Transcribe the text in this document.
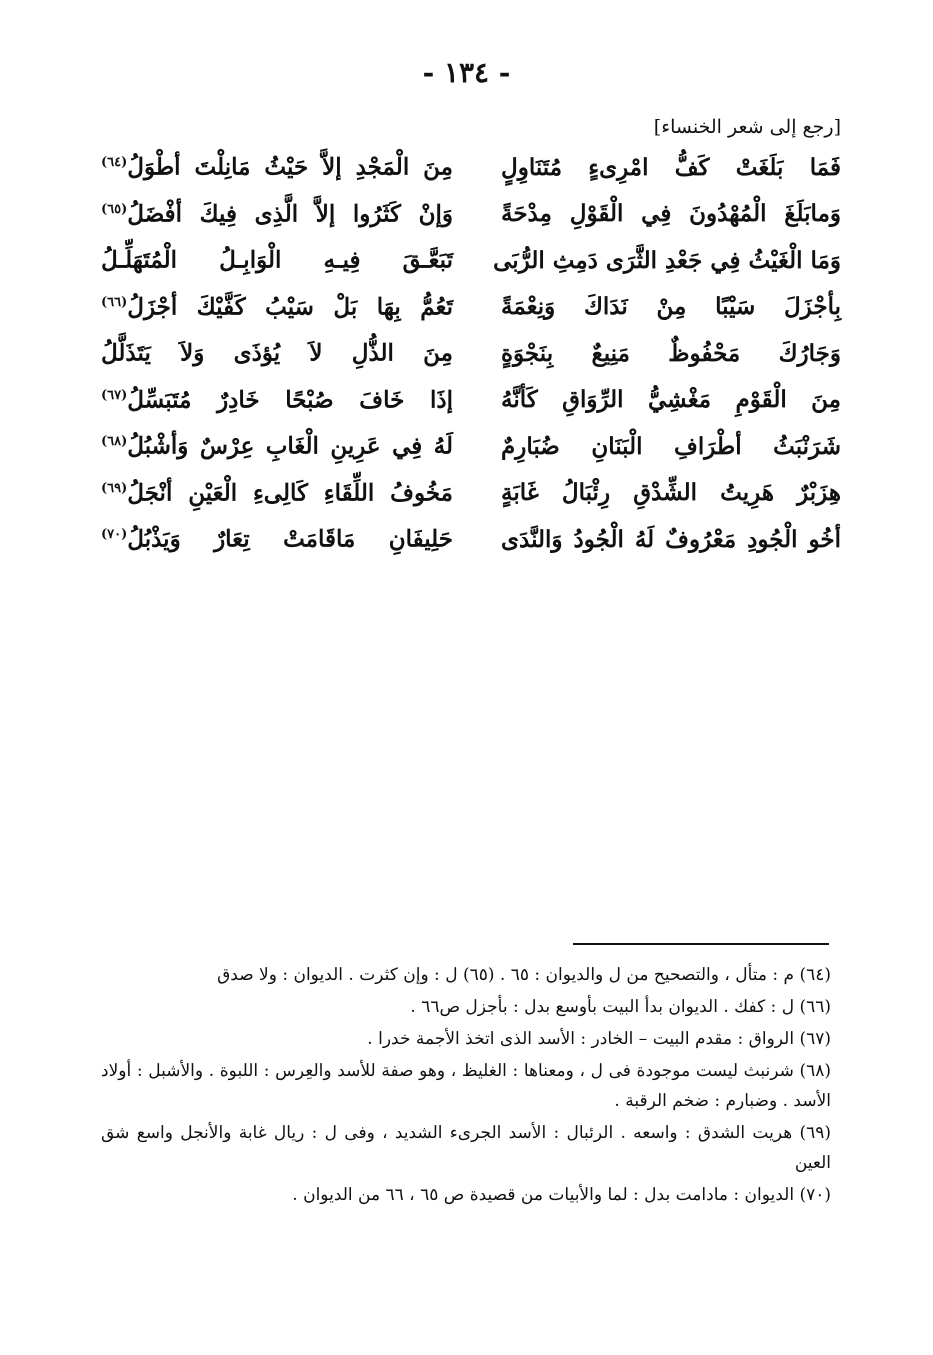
- ١٣٤ -
[رجع إلى شعر الخنساء]
فَمَا بَلَغَتْ كَفُّ امْرِىءٍ مُتَنَاوِلٍ
مِنَ الْمَجْدِ إلاَّ حَيْثُ مَانِلْتَ أطْوَلُ$^{(٦٤)}$
وَمابَلَغَ الْمُهْدُونَ فِي الْقَوْلِ مِدْحَةً
وَإنْ كَثَرُوا إلاَّ الَّذِى فِيكَ أفْضَلُ$^{(٦٥)}$
وَمَا الْغَيْثُ فِي جَعْدِ الثَّرَى دَمِثِ الرُّبَى
تَبَعَّـقَ فِيـهِ الْوَابِـلُ الْمُتَهَلِّـلُ
بِأجْزَلَ سَيْبًا مِنْ نَدَاكَ وَنِعْمَةً
تَعُمُّ بِهَا بَلْ سَيْبُ كَفَّيْكَ أجْزَلُ$^{(٦٦)}$
وَجَارُكَ مَحْفُوظٌ مَنِيعٌ بِنَجْوَةٍ
مِنَ الذُّلِ لاَ يُؤذَى وَلاَ يَتَذَلَّلُ
مِنَ الْقَوْمِ مَغْشِيُّ الرِّوَاقِ كَأنَّهُ
إذَا خَافَ صُبْحًا خَادِرٌ مُتَبَسِّلُ$^{(٦٧)}$
شَرَنْبَثُ أطْرَافِ الْبَنَانِ ضُبَارِمٌ
لَهُ فِي عَرِينِ الْغَابِ عِرْسٌ وَأشْبُلُ$^{(٦٨)}$
هِزَبْرٌ هَرِيتُ الشِّدْقِ رِئْبَالُ غَابَةٍ
مَخُوفُ اللِّقَاءِ كَالِىءِ الْعَيْنِ أنْجَلُ$^{(٦٩)}$
أخُو الْجُودِ مَعْرُوفٌ لَهُ الْجُودُ وَالنَّدَى
حَلِيفَانِ مَاقَامَتْ تِعَارٌ وَيَذْبُلُ$^{(٧٠)}$

(٦٤) م : متأل ، والتصحيح من ل والديوان : ٦٥ . (٦٥) ل : وإن كثرت . الديوان : ولا صدق

(٦٦) ل : كفك . الديوان بدأ البيت بأوسع بدل : بأجزل ص٦٦ .

(٦٧) الرواق : مقدم البيت – الخادر : الأسد الذى اتخذ الأجمة خدرا .

(٦٨) شرنبث ليست موجودة فى ل ، ومعناها : الغليظ ، وهو صفة للأسد والعِرس : اللبوة . والأشبل : أولاد الأسد . وضبارم : ضخم الرقبة .

(٦٩) هريت الشدق : واسعه . الرئبال : الأسد الجرىء الشديد ، وفى ل : ريال غابة والأنجل واسع شق العين

(٧٠) الديوان : مادامت بدل : لما والأبيات من قصيدة ص ٦٥ ، ٦٦ من الديوان .
